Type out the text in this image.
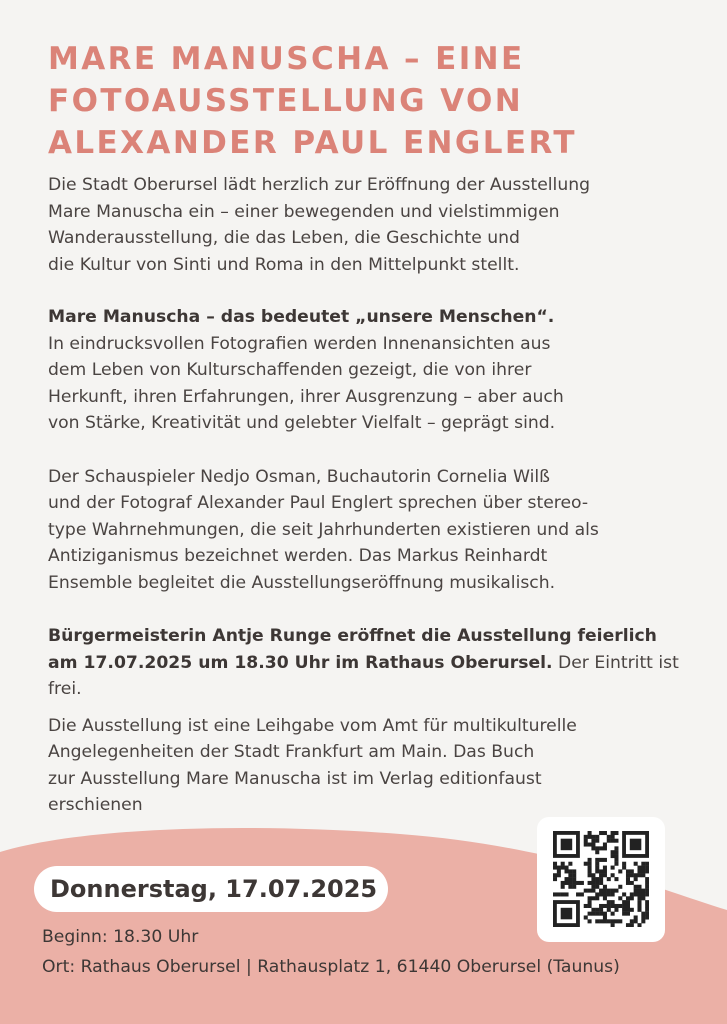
MARE MANUSCHA – EINE
FOTOAUSSTELLUNG VON
ALEXANDER PAUL ENGLERT

Die Stadt Oberursel lädt herzlich zur Eröffnung der Ausstellung
Mare Manuscha ein – einer bewegenden und vielstimmigen
Wanderausstellung, die das Leben, die Geschichte und
die Kultur von Sinti und Roma in den Mittelpunkt stellt.

Mare Manuscha – das bedeutet „unsere Menschen“.
In eindrucksvollen Fotografien werden Innenansichten aus
dem Leben von Kulturschaffenden gezeigt, die von ihrer
Herkunft, ihren Erfahrungen, ihrer Ausgrenzung – aber auch
von Stärke, Kreativität und gelebter Vielfalt – geprägt sind.

Der Schauspieler Nedjo Osman, Buchautorin Cornelia Wilß
und der Fotograf Alexander Paul Englert sprechen über stereo-
type Wahrnehmungen, die seit Jahrhunderten existieren und als
Antiziganismus bezeichnet werden. Das Markus Reinhardt
Ensemble begleitet die Ausstellungseröffnung musikalisch.

Bürgermeisterin Antje Runge eröffnet die Ausstellung feierlich
am 17.07.2025 um 18.30 Uhr im Rathaus Oberursel. Der Eintritt ist
frei.

Die Ausstellung ist eine Leihgabe vom Amt für multikulturelle
Angelegenheiten der Stadt Frankfurt am Main. Das Buch
zur Ausstellung Mare Manuscha ist im Verlag editionfaust
erschienen

Donnerstag, 17.07.2025
Beginn: 18.30 Uhr
Ort: Rathaus Oberursel | Rathausplatz 1, 61440 Oberursel (Taunus)
